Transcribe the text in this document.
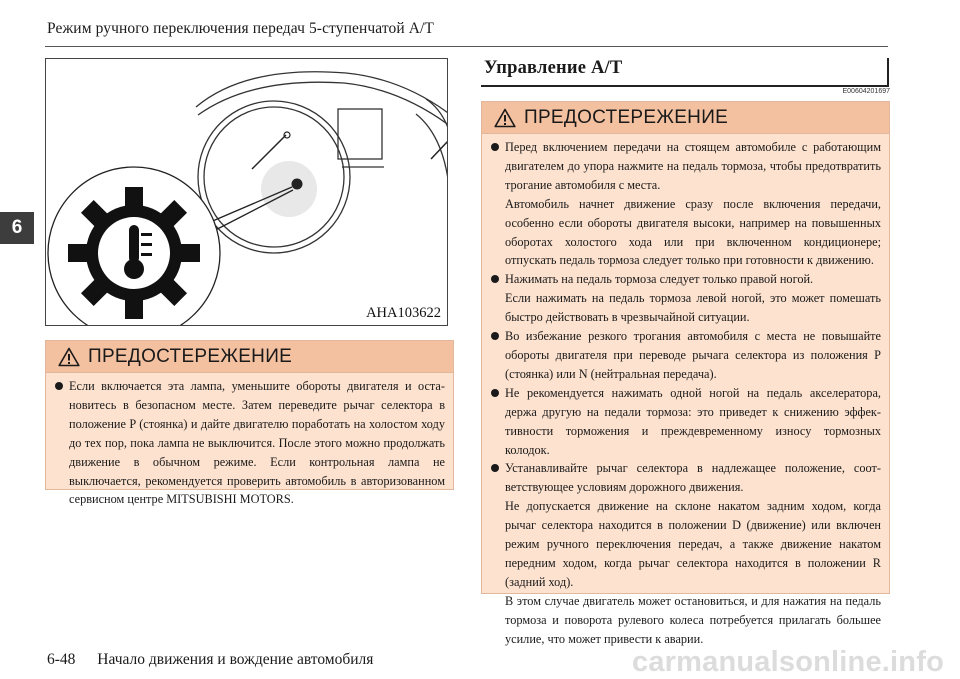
Режим ручного переключения передач 5-ступенчатой А/Т
6
AHA103622
ПРЕДОСТЕРЕЖЕНИЕ

Если включается эта лампа, уменьшите обороты двигателя и остановитесь в безопасном месте. Затем переведите рычаг селектора в положение P (стоянка) и дайте двигателю поработать на холостом ходу до тех пор, пока лампа не выключится. После этого можно продолжать движение в обычном режиме. Если контрольная лампа не выключается, рекомендуется проверить автомобиль в авторизованном сервисном центре MITSUBISHI MOTORS.

Управление А/Т
E00604201697
ПРЕДОСТЕРЕЖЕНИЕ

Перед включением передачи на стоящем автомобиле с работающим двигателем до упора нажмите на педаль тормоза, чтобы предотвратить трогание автомобиля с места.

Автомобиль начнет движение сразу после включения передачи, особенно если обороты двигателя высоки, например на повышенных оборотах холостого хода или при включенном кондиционере; отпускать педаль тормоза следует только при готовности к движению.

Нажимать на педаль тормоза следует только правой ногой.

Если нажимать на педаль тормоза левой ногой, это может помешать быстро действовать в чрезвычайной ситуации.

Во избежание резкого трогания автомобиля с места не повышайте обороты двигателя при переводе рычага селектора из положения P (стоянка) или N (нейтральная передача).

Не рекомендуется нажимать одной ногой на педаль акселератора, держа другую на педали тормоза: это приведет к снижению эффективности торможения и преждевременному износу тормозных колодок.

Устанавливайте рычаг селектора в надлежащее положение, соответствующее условиям дорожного движения.

Не допускается движение на склоне накатом задним ходом, когда рычаг селектора находится в положении D (движение) или включен режим ручного переключения передач, а также движение накатом передним ходом, когда рычаг селектора находится в положении R (задний ход).

В этом случае двигатель может остановиться, и для нажатия на педаль тормоза и поворота рулевого колеса потребуется прилагать большее усилие, что может привести к аварии.

6-48 Начало движения и вождение автомобиля	carmanualsonline.info
